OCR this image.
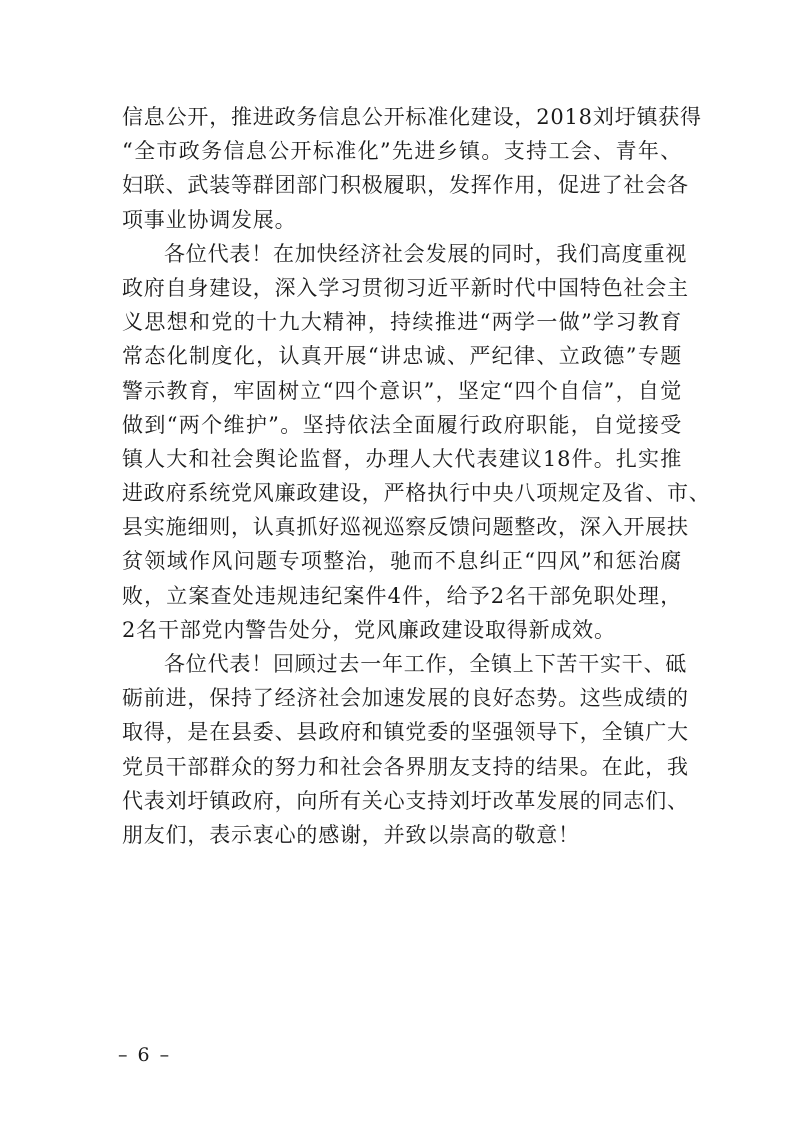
信息公开，推进政务信息公开标准化建设，2018刘圩镇获得
“全市政务信息公开标准化”先进乡镇。支持工会、青年、
妇联、武装等群团部门积极履职，发挥作用，促进了社会各
项事业协调发展。
各位代表！在加快经济社会发展的同时，我们高度重视
政府自身建设，深入学习贯彻习近平新时代中国特色社会主
义思想和党的十九大精神，持续推进“两学一做”学习教育
常态化制度化，认真开展“讲忠诚、严纪律、立政德”专题
警示教育，牢固树立“四个意识”，坚定“四个自信”，自觉
做到“两个维护”。坚持依法全面履行政府职能，自觉接受
镇人大和社会舆论监督，办理人大代表建议18件。扎实推
进政府系统党风廉政建设，严格执行中央八项规定及省、市、
县实施细则，认真抓好巡视巡察反馈问题整改，深入开展扶
贫领域作风问题专项整治，驰而不息纠正“四风”和惩治腐
败，立案查处违规违纪案件4件，给予2名干部免职处理，
2名干部党内警告处分，党风廉政建设取得新成效。
各位代表！回顾过去一年工作，全镇上下苦干实干、砥
砺前进，保持了经济社会加速发展的良好态势。这些成绩的
取得，是在县委、县政府和镇党委的坚强领导下，全镇广大
党员干部群众的努力和社会各界朋友支持的结果。在此，我
代表刘圩镇政府，向所有关心支持刘圩改革发展的同志们、
朋友们，表示衷心的感谢，并致以崇高的敬意！
– 6 –
